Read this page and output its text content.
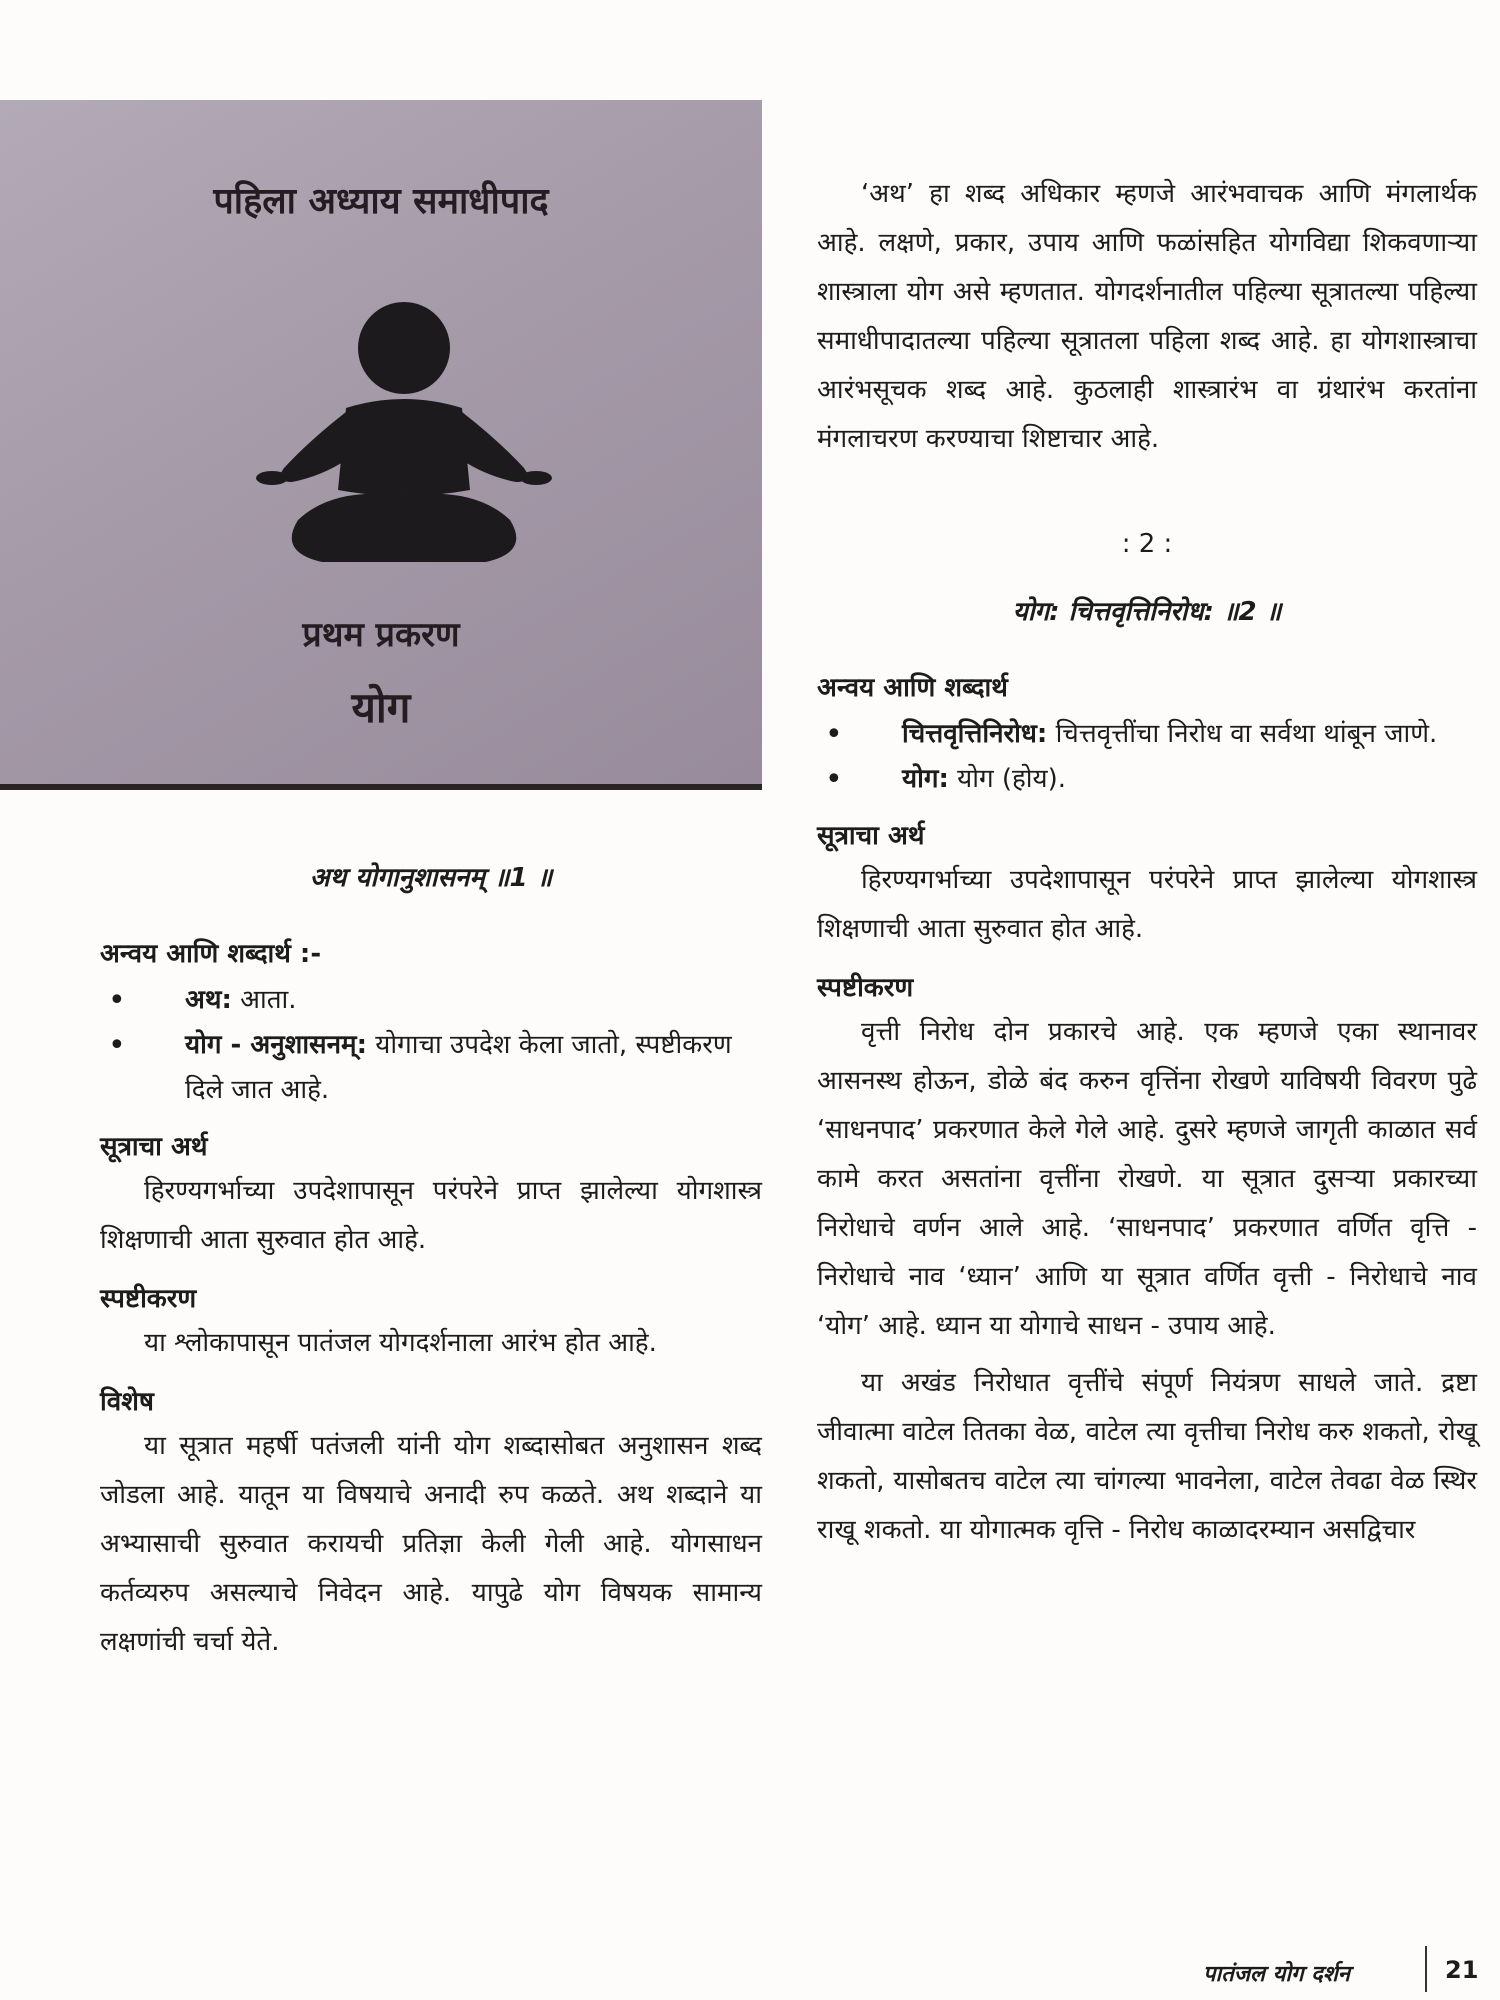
पहिला अध्याय समाधीपाद
प्रथम प्रकरण
योग
अथ योगानुशासनम् ॥1 ॥
अन्वय आणि शब्दार्थ :-
• अथ: आता.
• योग - अनुशासनम्: योगाचा उपदेश केला जातो, स्पष्टीकरण दिले जात आहे.
सूत्राचा अर्थ

हिरण्यगर्भाच्या उपदेशापासून परंपरेने प्राप्त झालेल्या योगशास्त्र शिक्षणाची आता सुरुवात होत आहे.

स्पष्टीकरण

या श्लोकापासून पातंजल योगदर्शनाला आरंभ होत आहे.

विशेष

या सूत्रात महर्षी पतंजली यांनी योग शब्दासोबत अनुशासन शब्द जोडला आहे. यातून या विषयाचे अनादी रुप कळते. अथ शब्दाने या अभ्यासाची सुरुवात करायची प्रतिज्ञा केली गेली आहे. योगसाधन कर्तव्यरुप असल्याचे निवेदन आहे. यापुढे योग विषयक सामान्य लक्षणांची चर्चा येते.

‘अथ’ हा शब्द अधिकार म्हणजे आरंभवाचक आणि मंगलार्थक आहे. लक्षणे, प्रकार, उपाय आणि फळांसहित योगविद्या शिकवणाऱ्या शास्त्राला योग असे म्हणतात. योगदर्शनातील पहिल्या सूत्रातल्या पहिल्या समाधीपादातल्या पहिल्या सूत्रातला पहिला शब्द आहे. हा योगशास्त्राचा आरंभसूचक शब्द आहे. कुठलाही शास्त्रारंभ वा ग्रंथारंभ करतांना मंगलाचरण करण्याचा शिष्टाचार आहे.

: 2 :
योग: चित्तवृत्तिनिरोध: ॥2 ॥
अन्वय आणि शब्दार्थ
• चित्तवृत्तिनिरोध: चित्तवृत्तींचा निरोध वा सर्वथा थांबून जाणे.
• योग: योग (होय).
सूत्राचा अर्थ

हिरण्यगर्भाच्या उपदेशापासून परंपरेने प्राप्त झालेल्या योगशास्त्र शिक्षणाची आता सुरुवात होत आहे.

स्पष्टीकरण

वृत्ती निरोध दोन प्रकारचे आहे. एक म्हणजे एका स्थानावर आसनस्थ होऊन, डोळे बंद करुन वृत्तिंना रोखणे याविषयी विवरण पुढे ‘साधनपाद’ प्रकरणात केले गेले आहे. दुसरे म्हणजे जागृती काळात सर्व कामे करत असतांना वृत्तींना रोखणे. या सूत्रात दुसऱ्या प्रकारच्या निरोधाचे वर्णन आले आहे. ‘साधनपाद’ प्रकरणात वर्णित वृत्ति - निरोधाचे नाव ‘ध्यान’ आणि या सूत्रात वर्णित वृत्ती - निरोधाचे नाव ‘योग’ आहे. ध्यान या योगाचे साधन - उपाय आहे.

या अखंड निरोधात वृत्तींचे संपूर्ण नियंत्रण साधले जाते. द्रष्टा जीवात्मा वाटेल तितका वेळ, वाटेल त्या वृत्तीचा निरोध करु शकतो, रोखू शकतो, यासोबतच वाटेल त्या चांगल्या भावनेला, वाटेल तेवढा वेळ स्थिर राखू शकतो. या योगात्मक वृत्ति - निरोध काळादरम्यान असद्विचार

पातंजल योग दर्शन	21
